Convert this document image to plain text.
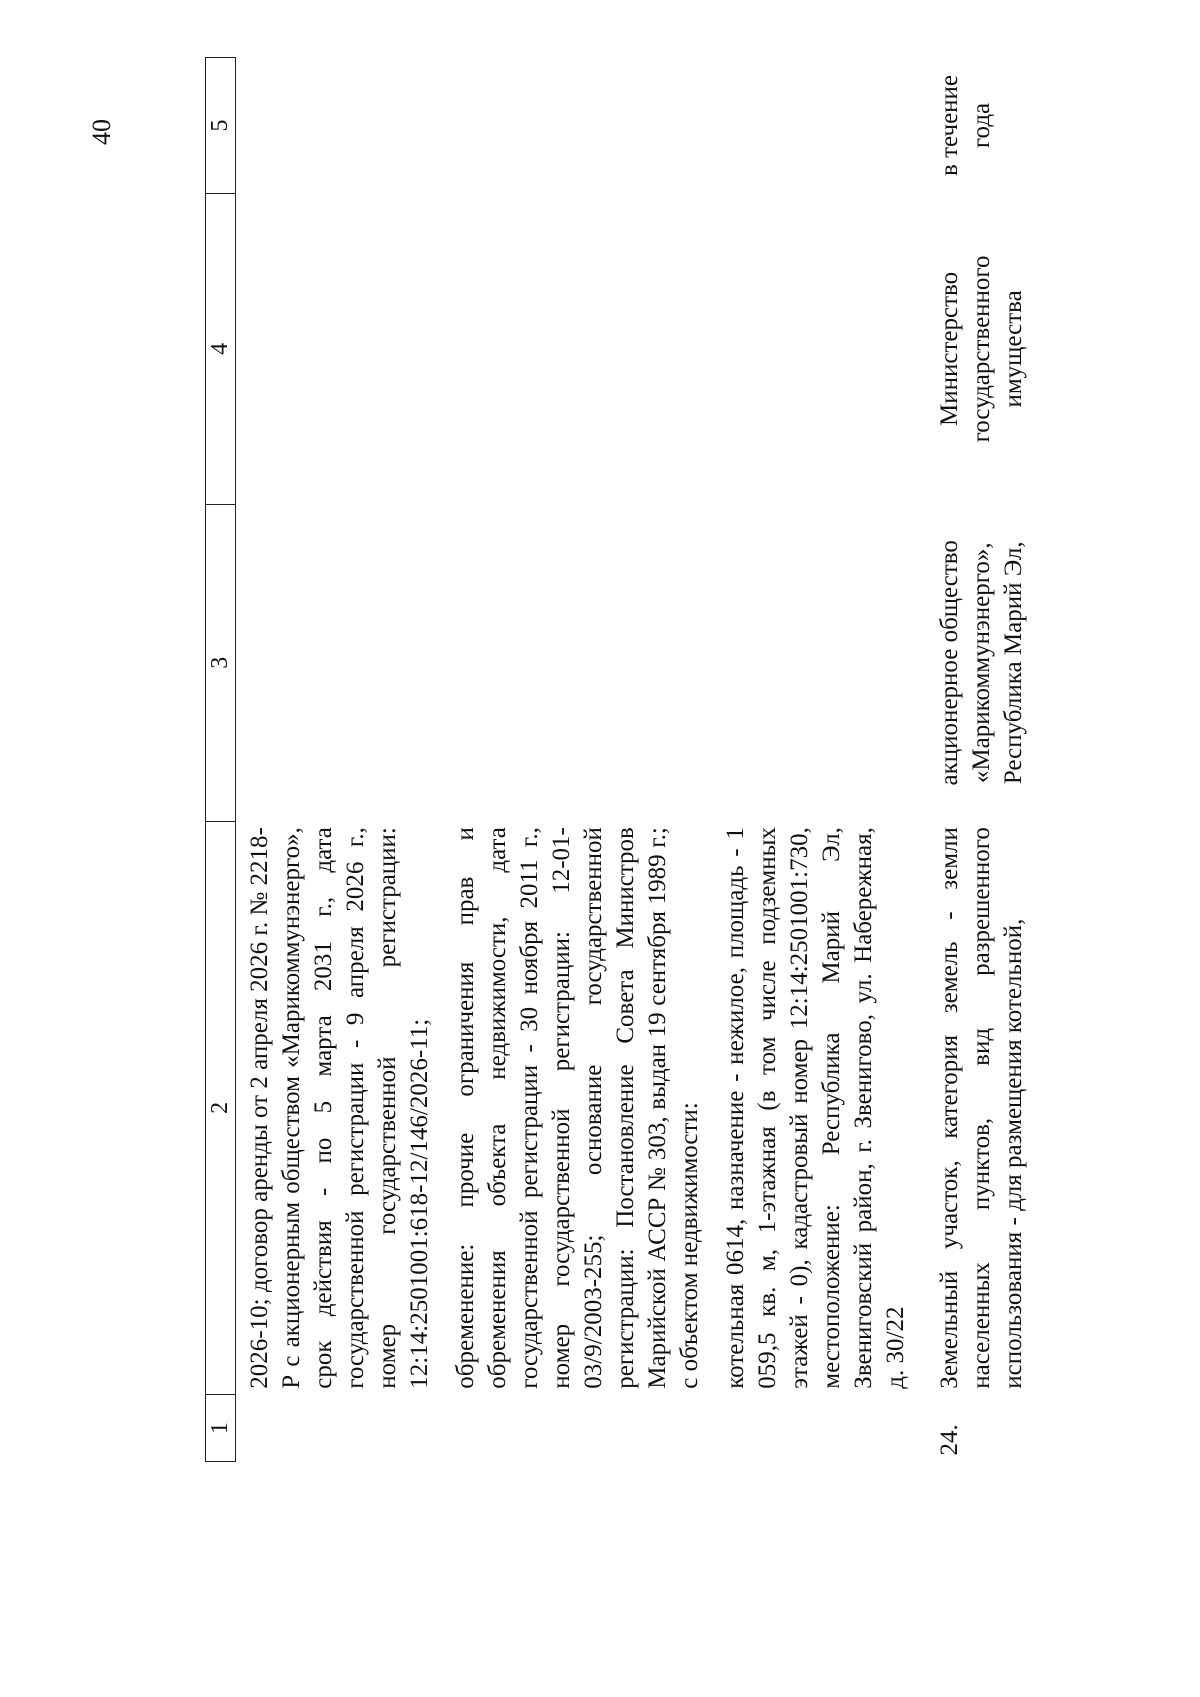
40
1	2	3	4	5

	2026-10; договор аренды от 2 апреля 2026 г. № 2218-Р с акционерным обществом «Марикоммунэнерго», срок действия - по 5 марта 2031 г., дата государственной регистрации - 9 апреля 2026 г., номер государственной регистрации: 12:14:2501001:618-12/146/2026-11; обременение: прочие ограничения прав и обременения объекта недвижимости, дата государственной регистрации - 30 ноября 2011 г., номер государственной регистрации: 12-01-03/9/2003-255; основание государственной регистрации: Постановление Совета Министров Марийской АССР № 303, выдан 19 сентября 1989 г.; с объектом недвижимости: котельная 0614, назначение - нежилое, площадь - 1 059,5 кв. м, 1-этажная (в том числе подземных этажей - 0), кадастровый номер 12:14:2501001:730, местоположение: Республика Марий Эл, Звениговский район, г. Звенигово, ул. Набережная, д. 30/22			

24.	Земельный участок, категория земель - земли населенных пунктов, вид разрешенного использования - для размещения котельной,	акционерное общество «Марикоммунэнерго», Республика Марий Эл,	Министерство государственного имущества	в течение года
